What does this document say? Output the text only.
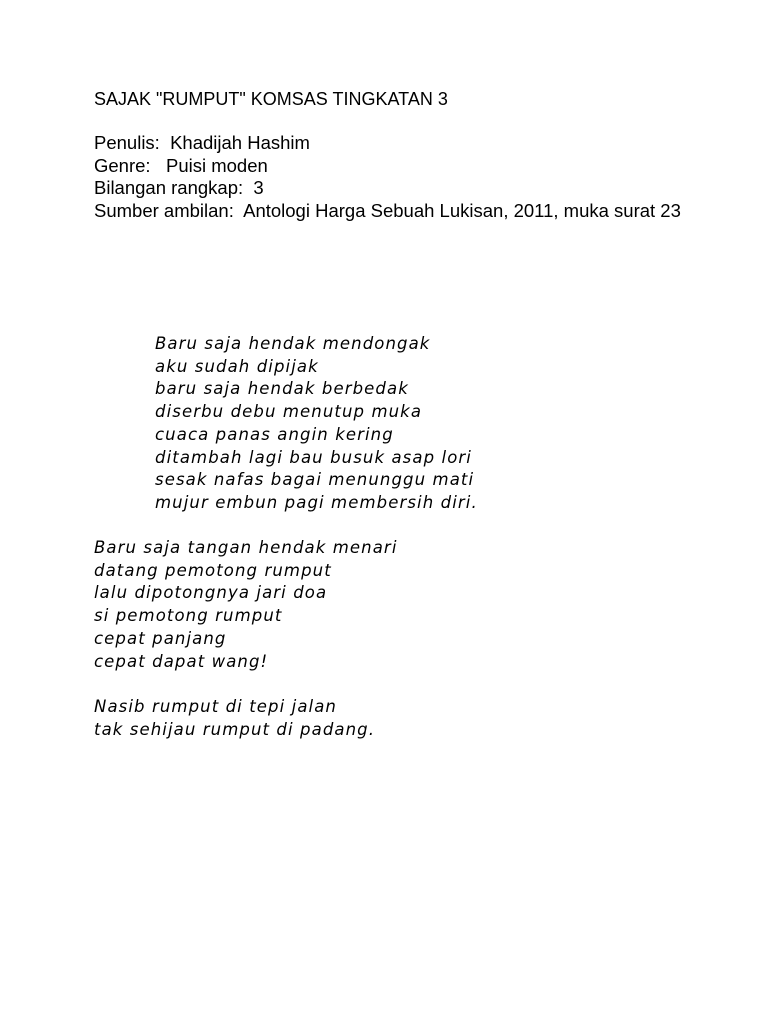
SAJAK "RUMPUT" KOMSAS TINGKATAN 3
Penulis:  Khadijah Hashim
Genre:   Puisi moden
Bilangan rangkap:  3
Sumber ambilan:  Antologi Harga Sebuah Lukisan, 2011, muka surat 23
Baru saja hendak mendongak
aku sudah dipijak
baru saja hendak berbedak
diserbu debu menutup muka
cuaca panas angin kering
ditambah lagi bau busuk asap lori
sesak nafas bagai menunggu mati
mujur embun pagi membersih diri.
Baru saja tangan hendak menari
datang pemotong rumput
lalu dipotongnya jari doa
si pemotong rumput
cepat panjang
cepat dapat wang!
Nasib rumput di tepi jalan
tak sehijau rumput di padang.
